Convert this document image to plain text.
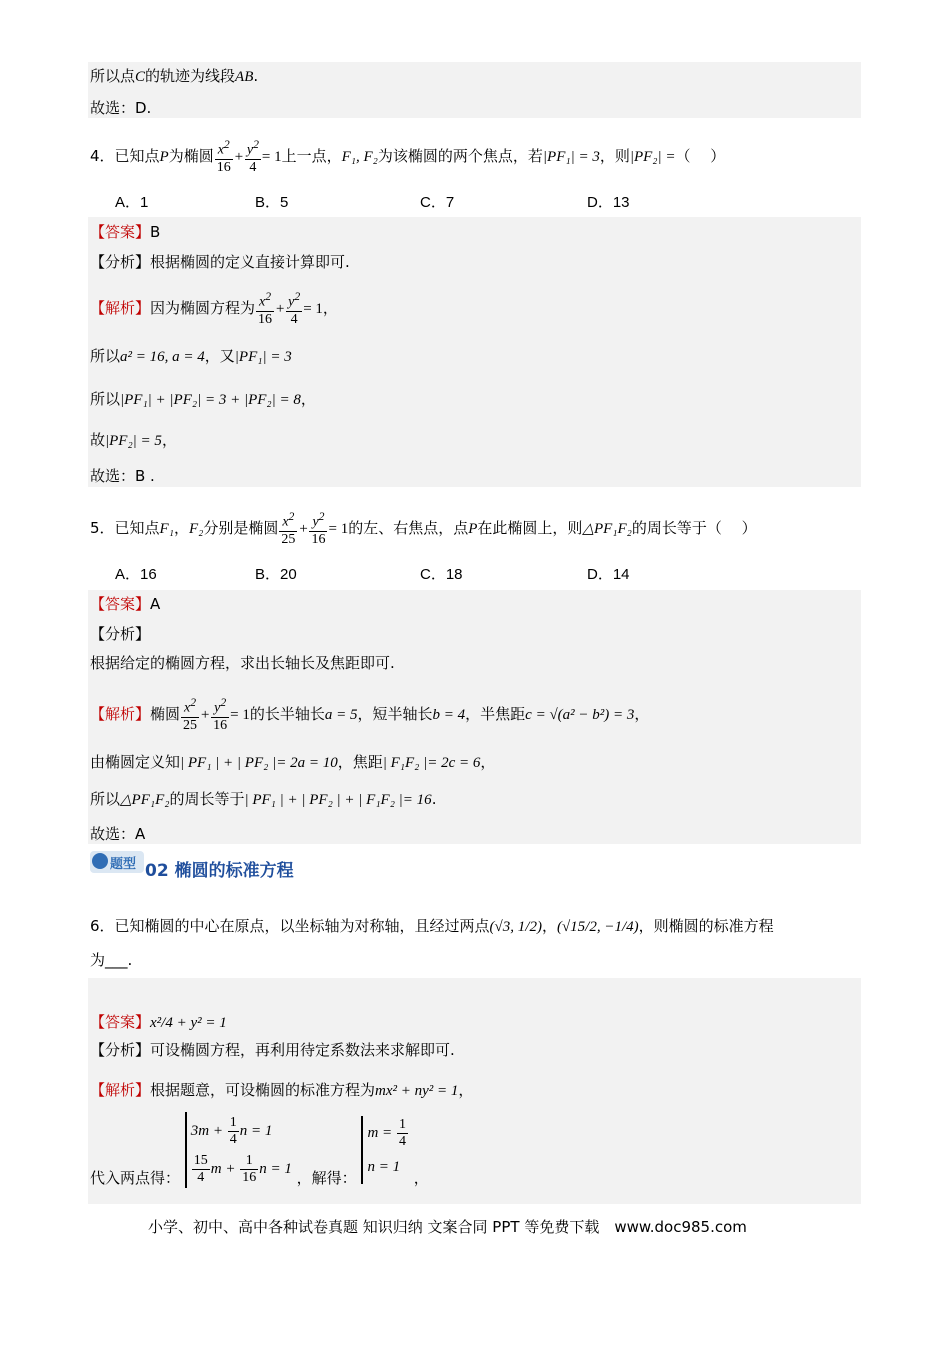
所以点C的轨迹为线段AB.
故选：D.
4．已知点P为椭圆 $\frac{x^2}{16} + \frac{y^2}{4} = 1$上一点，F₁, F₂为该椭圆的两个焦点，若|PF₁| = 3，则|PF₂| =（　 ）
A．1	B．5	C．7	D．13
【答案】B
【分析】根据椭圆的定义直接计算即可.
【解析】因为椭圆方程为 $\frac{x^2}{16} + \frac{y^2}{4} = 1$，
所以a² = 16, a = 4，又|PF₁| = 3
所以|PF₁| + |PF₂| = 3 + |PF₂| = 8，
故|PF₂| = 5，
故选：B .
5．已知点F₁，F₂分别是椭圆 $\frac{x^2}{25} + \frac{y^2}{16} = 1$的左、右焦点，点P在此椭圆上，则△PF₁F₂的周长等于（　 ）
A．16	B．20	C．18	D．14
【答案】A
【分析】
根据给定的椭圆方程，求出长轴长及焦距即可.
【解析】椭圆 $\frac{x^2}{25} + \frac{y^2}{16} = 1$的长半轴长a = 5，短半轴长b = 4，半焦距c = √(a² − b²) = 3，
由椭圆定义知| PF₁ | + | PF₂ |= 2a = 10，焦距| F₁F₂ |= 2c = 6，
所以△PF₁F₂的周长等于| PF₁ | + | PF₂ | + | F₁F₂ |= 16.
故选：A
题型 02 椭圆的标准方程
6．已知椭圆的中心在原点，以坐标轴为对称轴，且经过两点(√3, 1/2)，(√15/2, −1/4)，则椭圆的标准方程
为___.
【答案】x²/4 + y² = 1
【分析】可设椭圆方程，再利用待定系数法来求解即可.
【解析】根据题意，可设椭圆的标准方程为mx² + ny² = 1，
代入两点得：
$3m + \frac{1}{4}$ n = 1
$\frac{15}{4}$ $m + \frac{1}{16}$ n = 1 ，解得：
$m = \frac{1}{4}$
n = 1
，
小学、初中、高中各种试卷真题 知识归纳 文案合同 PPT 等免费下载　www.doc985.com
